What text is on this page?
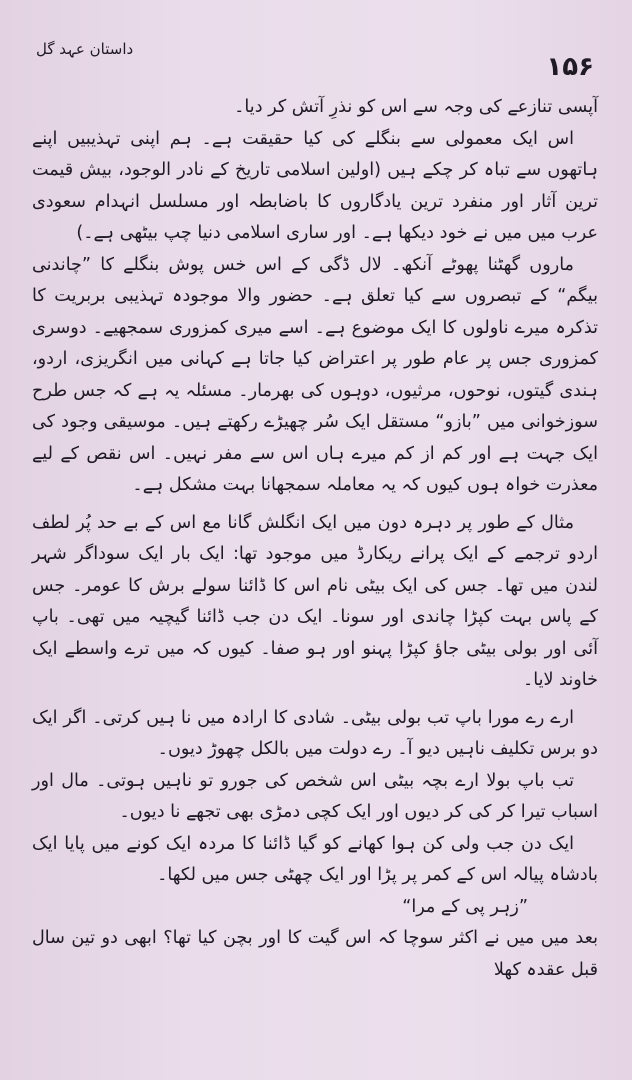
داستان عہد گل
۱۵۶

آپسی تنازعے کی وجہ سے اس کو نذرِ آتش کر دیا۔

اس ایک معمولی سے بنگلے کی کیا حقیقت ہے۔ ہم اپنی تہذیبیں اپنے ہاتھوں سے تباہ کر چکے ہیں (اولین اسلامی تاریخ کے نادر الوجود، بیش قیمت ترین آثار اور منفرد ترین یادگاروں کا باضابطہ اور مسلسل انہدام سعودی عرب میں میں نے خود دیکھا ہے۔ اور ساری اسلامی دنیا چپ بیٹھی ہے۔)

ماروں گھٹنا پھوٹے آنکھ۔ لال ڈگی کے اس خس پوش بنگلے کا ”چاندنی بیگم“ کے تبصروں سے کیا تعلق ہے۔ حضور والا موجودہ تہذیبی بربریت کا تذکرہ میرے ناولوں کا ایک موضوع ہے۔ اسے میری کمزوری سمجھیے۔ دوسری کمزوری جس پر عام طور پر اعتراض کیا جاتا ہے کہانی میں انگریزی، اردو، ہندی گیتوں، نوحوں، مرثیوں، دوہوں کی بھرمار۔ مسئلہ یہ ہے کہ جس طرح سوزخوانی میں ”بازو“ مستقل ایک سُر چھیڑے رکھتے ہیں۔ موسیقی وجود کی ایک جہت ہے اور کم از کم میرے ہاں اس سے مفر نہیں۔ اس نقص کے لیے معذرت خواہ ہوں کیوں کہ یہ معاملہ سمجھانا بہت مشکل ہے۔

مثال کے طور پر دہرہ دون میں ایک انگلش گانا مع اس کے بے حد پُر لطف اردو ترجمے کے ایک پرانے ریکارڈ میں موجود تھا: ایک بار ایک سوداگر شہر لندن میں تھا۔ جس کی ایک بیٹی نام اس کا ڈائنا سولے برش کا عومر۔ جس کے پاس بہت کپڑا چاندی اور سونا۔ ایک دن جب ڈائنا گیچیہ میں تھی۔ باپ آئی اور بولی بیٹی جاؤ کپڑا پہنو اور ہو صفا۔ کیوں کہ میں ترے واسطے ایک خاوند لایا۔

ارے رے مورا باپ تب بولی بیٹی۔ شادی کا ارادہ میں نا ہیں کرتی۔ اگر ایک دو برس تکلیف ناہیں دیو آ۔ رے دولت میں بالکل چھوڑ دیوں۔

تب باپ بولا ارے بچہ بیٹی اس شخص کی جورو تو ناہیں ہوتی۔ مال اور اسباب تیرا کر کی کر دیوں اور ایک کچی دمڑی بھی تجھے نا دیوں۔

ایک دن جب ولی کن ہوا کھانے کو گیا ڈائنا کا مردہ ایک کونے میں پایا ایک بادشاہ پیالہ اس کے کمر پر پڑا اور ایک چھٹی جس میں لکھا۔

”زہر پی کے مرا“

بعد میں میں نے اکثر سوچا کہ اس گیت کا اور بچن کیا تھا؟ ابھی دو تین سال قبل عقدہ کھلا
